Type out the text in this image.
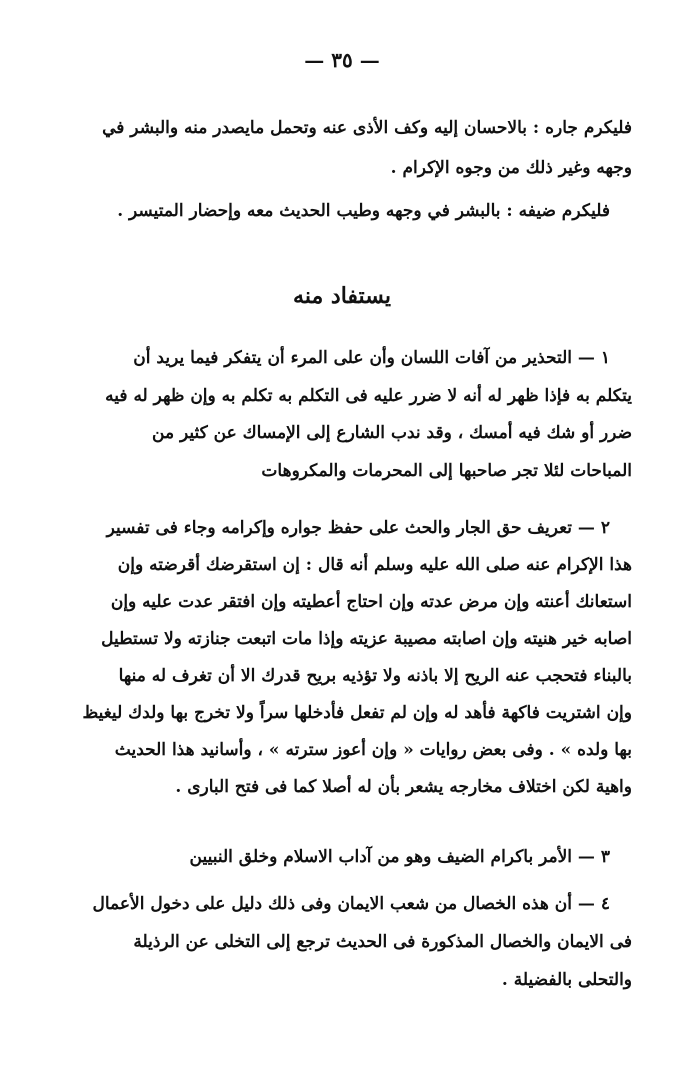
— ٣٥ —
فليكرم جاره : بالاحسان إليه وكف الأذى عنه وتحمل مايصدر منه والبشر في
وجهه وغير ذلك من وجوه الإكرام .
فليكرم ضيفه : بالبشر في وجهه وطيب الحديث معه وإحضار المتيسر .
يستفاد منه
١ — التحذير من آفات اللسان وأن على المرء أن يتفكر فيما يريد أن
يتكلم به فإذا ظهر له أنه لا ضرر عليه فى التكلم به تكلم به وإن ظهر له فيه
ضرر أو شك فيه أمسك ، وقد ندب الشارع إلى الإمساك عن كثير من
المباحات لئلا تجر صاحبها إلى المحرمات والمكروهات
٢ — تعريف حق الجار والحث على حفظ جواره وإكرامه وجاء فى تفسير
هذا الإكرام عنه صلى الله عليه وسلم أنه قال : إن استقرضك أقرضته وإن
استعانك أعنته وإن مرض عدته وإن احتاج أعطيته وإن افتقر عدت عليه وإن
اصابه خير هنيته وإن اصابته مصيبة عزيته وإذا مات اتبعت جنازته ولا تستطيل
بالبناء فتحجب عنه الريح إلا باذنه ولا تؤذيه بريح قدرك الا أن تغرف له منها
وإن اشتريت فاكهة فأهد له وإن لم تفعل فأدخلها سراً ولا تخرج بها ولدك ليغيظ
بها ولده » . وفى بعض روايات « وإن أعوز سترته » ، وأسانيد هذا الحديث
واهية لكن اختلاف مخارجه يشعر بأن له أصلا كما فى فتح البارى .
٣ — الأمر باكرام الضيف وهو من آداب الاسلام وخلق النبيين
٤ — أن هذه الخصال من شعب الايمان وفى ذلك دليل على دخول الأعمال
فى الايمان والخصال المذكورة فى الحديث ترجع إلى التخلى عن الرذيلة
والتحلى بالفضيلة .
